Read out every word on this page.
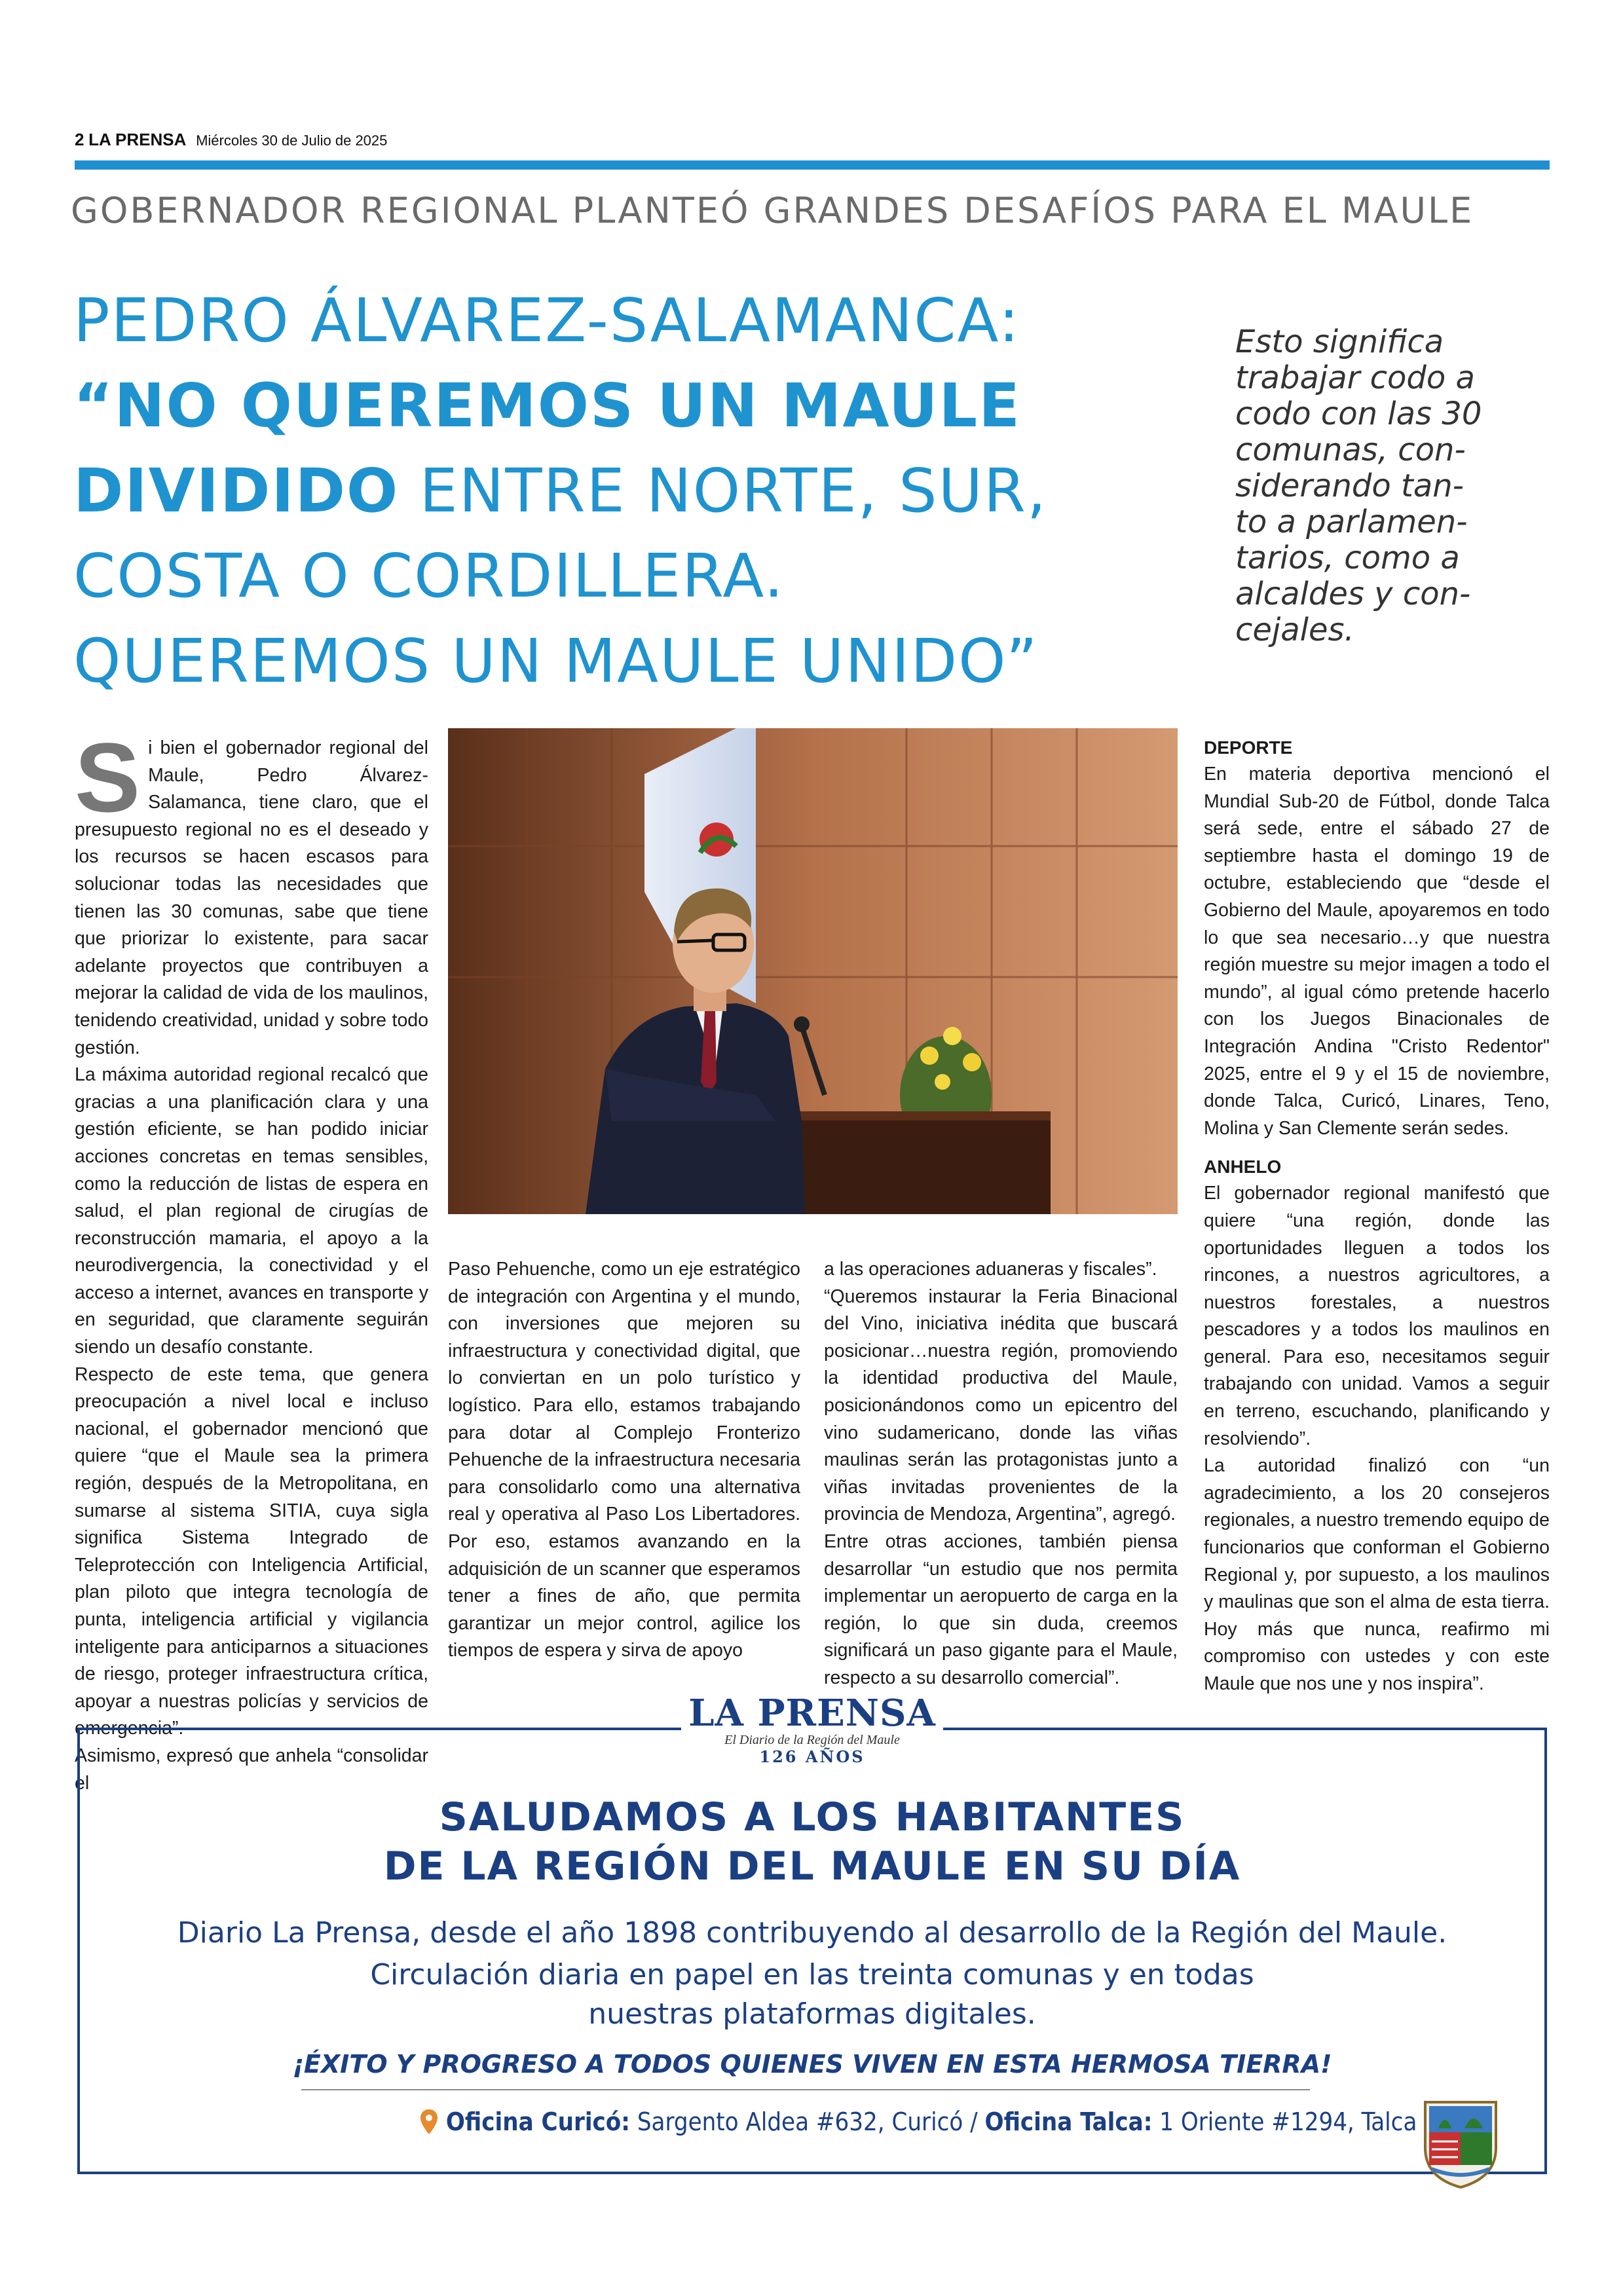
2 LA PRENSA Miércoles 30 de Julio de 2025
GOBERNADOR REGIONAL PLANTEÓ GRANDES DESAFÍOS PARA EL MAULE
PEDRO ÁLVAREZ-SALAMANCA:
“NO QUEREMOS UN MAULE
DIVIDIDO ENTRE NORTE, SUR,
COSTA O CORDILLERA.
QUEREMOS UN MAULE UNIDO”
Esto significa
trabajar codo a
codo con las 30
comunas, con-
siderando tan-
to a parlamen-
tarios, como a
alcaldes y con-
cejales.
S i bien el gobernador regional del Maule, Pedro Álvarez-Salamanca, tiene claro, que el presupuesto regional no es el deseado y los recursos se hacen escasos para solucionar todas las necesidades que tienen las 30 comunas, sabe que tiene que priorizar lo existente, para sacar adelante proyectos que contribuyen a mejorar la calidad de vida de los maulinos, tenidendo creatividad, unidad y sobre todo gestión.

La máxima autoridad regional recalcó que gracias a una planificación clara y una gestión eficiente, se han podido iniciar acciones concretas en temas sensibles, como la reducción de listas de espera en salud, el plan regional de cirugías de reconstrucción mamaria, el apoyo a la neurodivergencia, la conectividad y el acceso a internet, avances en transporte y en seguridad, que claramente seguirán siendo un desafío constante.

Respecto de este tema, que genera preocupación a nivel local e incluso nacional, el gobernador mencionó que quiere “que el Maule sea la primera región, después de la Metropolitana, en sumarse al sistema SITIA, cuya sigla significa Sistema Integrado de Teleprotección con Inteligencia Artificial, plan piloto que integra tecnología de punta, inteligencia artificial y vigilancia inteligente para anticiparnos a situaciones de riesgo, proteger infraestructura crítica, apoyar a nuestras policías y servicios de emergencia”.

Asimismo, expresó que anhela “consolidar el

Paso Pehuenche, como un eje estratégico de integración con Argentina y el mundo, con inversiones que mejoren su infraestructura y conectividad digital, que lo conviertan en un polo turístico y logístico. Para ello, estamos trabajando para dotar al Complejo Fronterizo Pehuenche de la infraestructura necesaria para consolidarlo como una alternativa real y operativa al Paso Los Libertadores. Por eso, estamos avanzando en la adquisición de un scanner que esperamos tener a fines de año, que permita garantizar un mejor control, agilice los tiempos de espera y sirva de apoyo

a las operaciones aduaneras y fiscales”.

“Queremos instaurar la Feria Binacional del Vino, iniciativa inédita que buscará posicionar…nuestra región, promoviendo la identidad productiva del Maule, posicionándonos como un epicentro del vino sudamericano, donde las viñas maulinas serán las protagonistas junto a viñas invitadas provenientes de la provincia de Mendoza, Argentina”, agregó.

Entre otras acciones, también piensa desarrollar “un estudio que nos permita implementar un aeropuerto de carga en la región, lo que sin duda, creemos significará un paso gigante para el Maule, respecto a su desarrollo comercial”.

DEPORTE

En materia deportiva mencionó el Mundial Sub-20 de Fútbol, donde Talca será sede, entre el sábado 27 de septiembre hasta el domingo 19 de octubre, estableciendo que “desde el Gobierno del Maule, apoyaremos en todo lo que sea necesario…y que nuestra región muestre su mejor imagen a todo el mundo”, al igual cómo pretende hacerlo con los Juegos Binacionales de Integración Andina "Cristo Redentor" 2025, entre el 9 y el 15 de noviembre, donde Talca, Curicó, Linares, Teno, Molina y San Clemente serán sedes.

ANHELO

El gobernador regional manifestó que quiere “una región, donde las oportunidades lleguen a todos los rincones, a nuestros agricultores, a nuestros forestales, a nuestros pescadores y a todos los maulinos en general. Para eso, necesitamos seguir trabajando con unidad. Vamos a seguir en terreno, escuchando, planificando y resolviendo”.

La autoridad finalizó con “un agradecimiento, a los 20 consejeros regionales, a nuestro tremendo equipo de funcionarios que conforman el Gobierno Regional y, por supuesto, a los maulinos y maulinas que son el alma de esta tierra. Hoy más que nunca, reafirmo mi compromiso con ustedes y con este Maule que nos une y nos inspira”.

LA PRENSA
El Diario de la Región del Maule
126 AÑOS
SALUDAMOS A LOS HABITANTES
DE LA REGIÓN DEL MAULE EN SU DÍA
Diario La Prensa, desde el año 1898 contribuyendo al desarrollo de la Región del Maule.
Circulación diaria en papel en las treinta comunas y en todas
nuestras plataformas digitales.
¡ÉXITO Y PROGRESO A TODOS QUIENES VIVEN EN ESTA HERMOSA TIERRA!
Oficina Curicó: Sargento Aldea #632, Curicó / Oficina Talca: 1 Oriente #1294, Talca
